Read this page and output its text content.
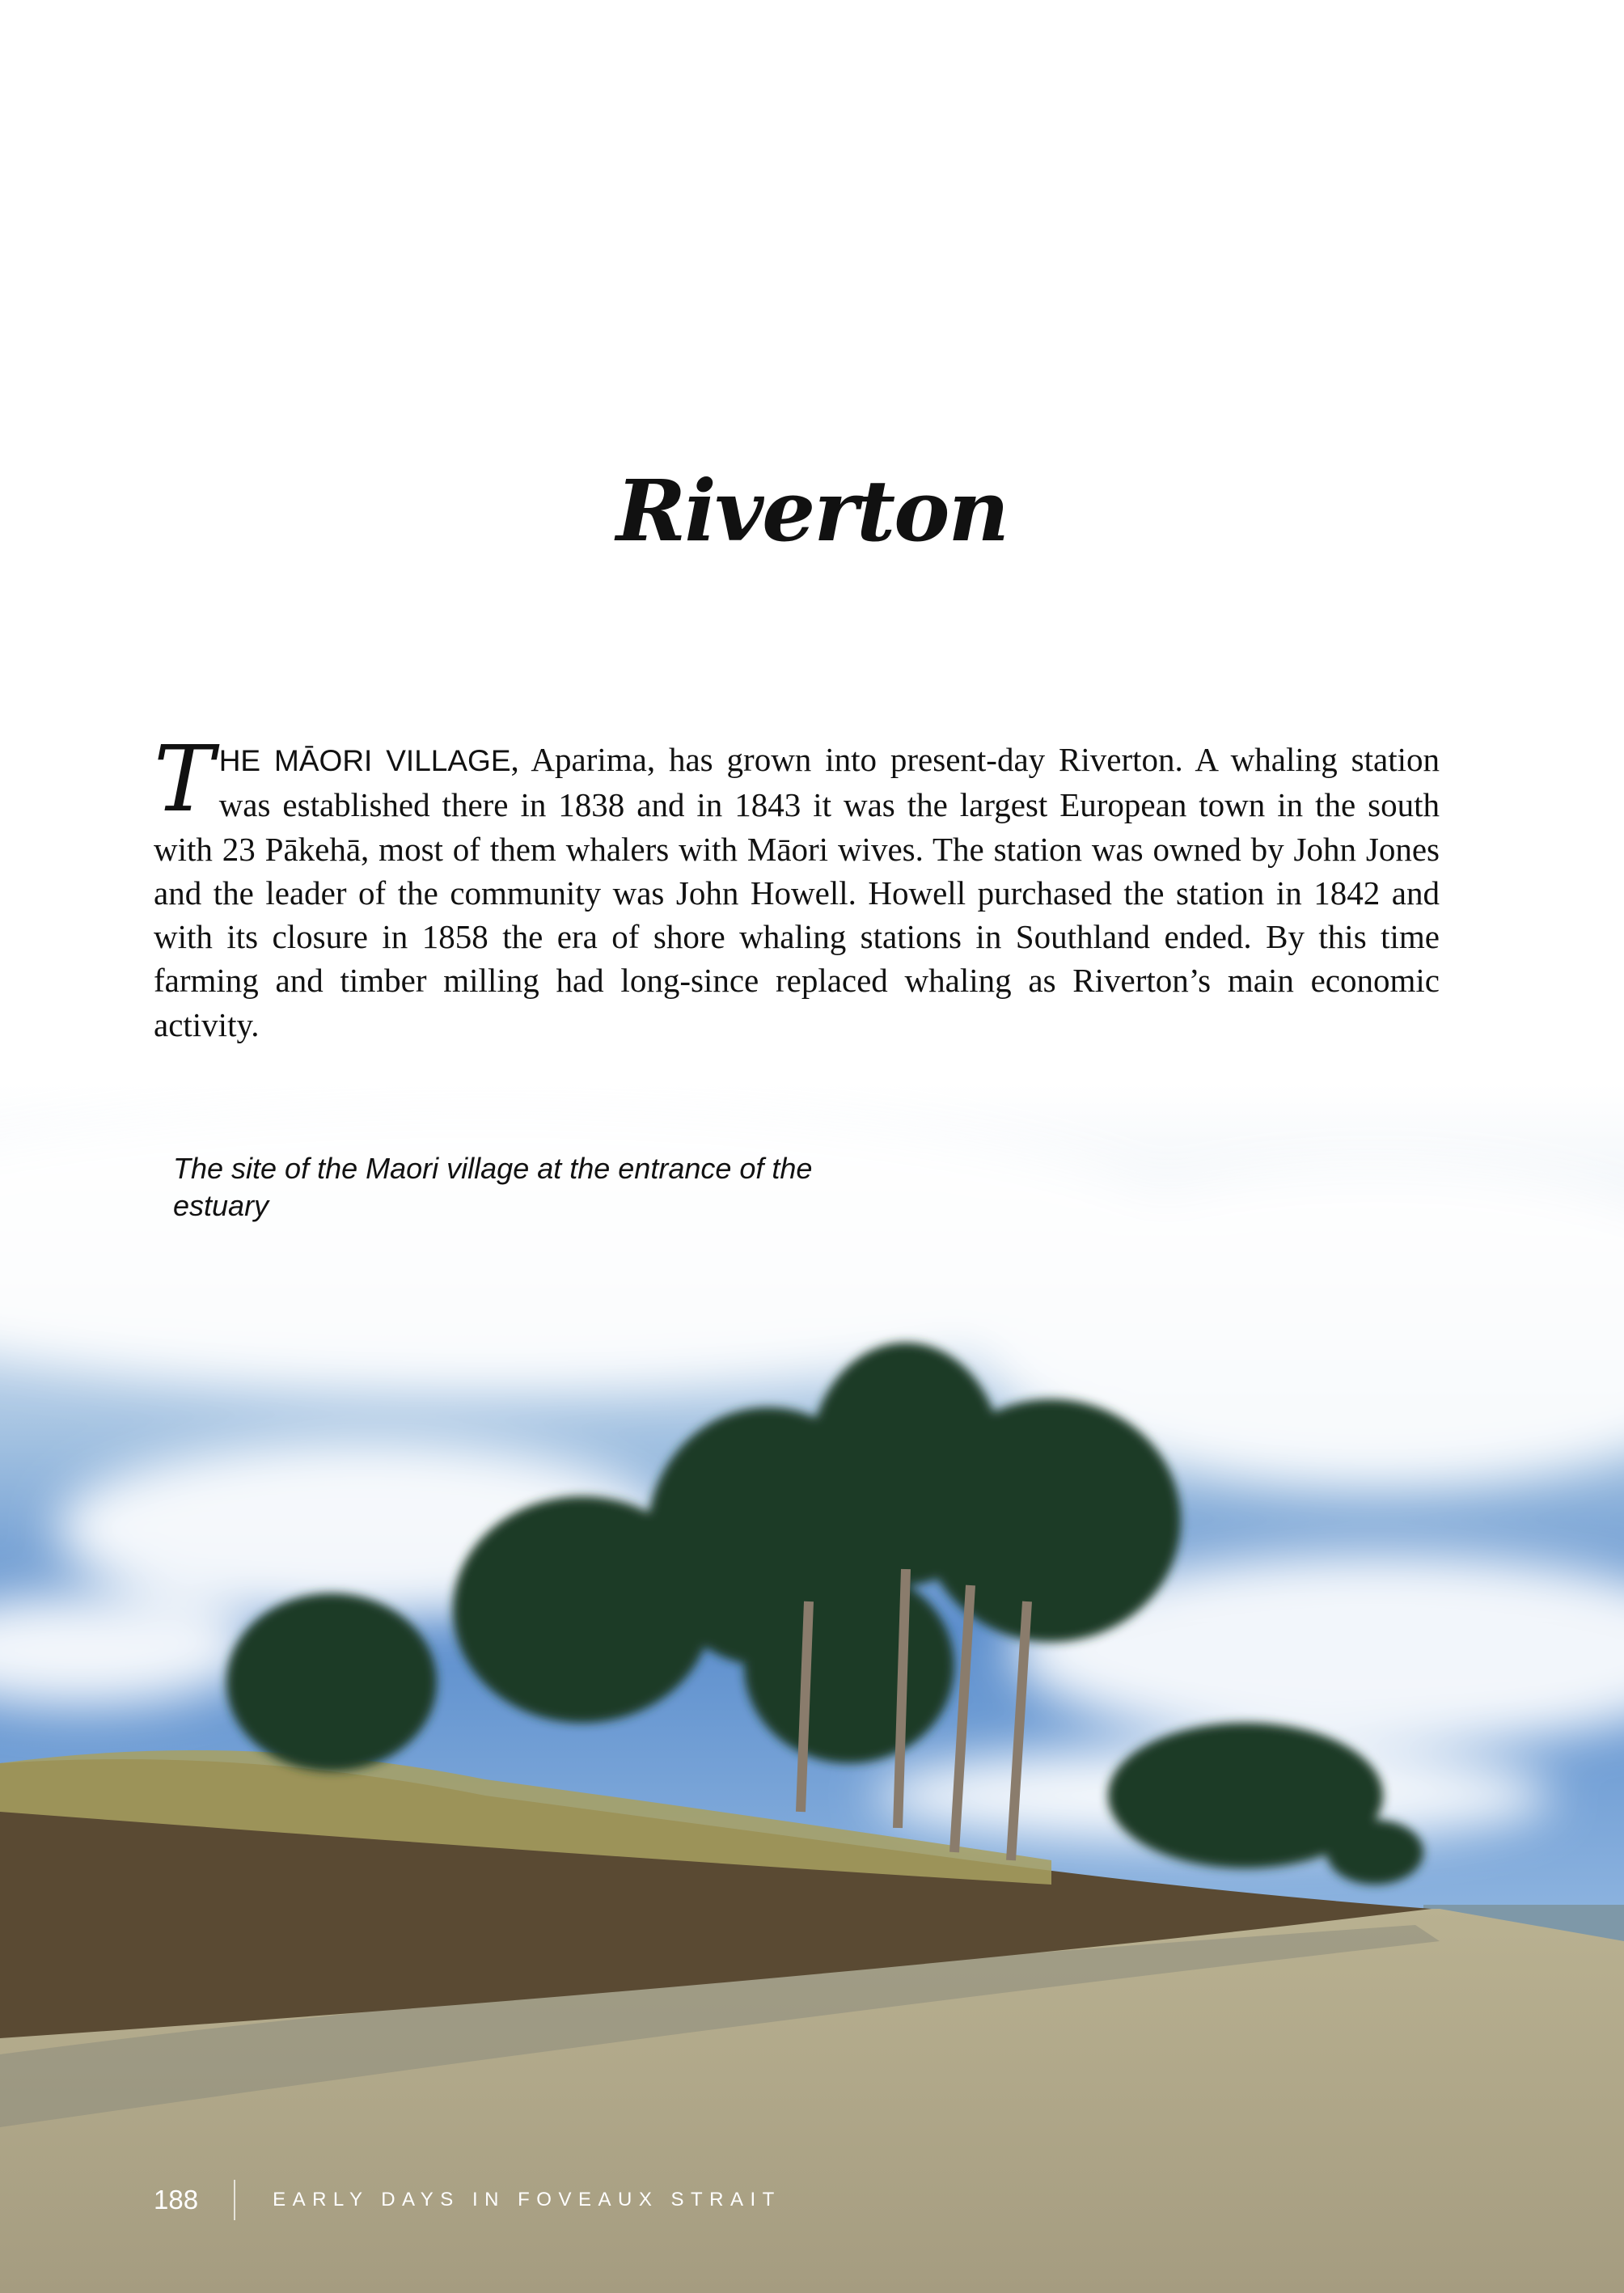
Riverton
THE MĀORI VILLAGE, Aparima, has grown into present-day Riverton. A whaling station was established there in 1838 and in 1843 it was the largest European town in the south with 23 Pākehā, most of them whalers with Māori wives. The station was owned by John Jones and the leader of the community was John Howell. Howell purchased the station in 1842 and with its closure in 1858 the era of shore whaling stations in Southland ended. By this time farming and timber milling had long-since replaced whaling as Riverton’s main economic activity.
The site of the Maori village at the entrance of the estuary
188	EARLY DAYS IN FOVEAUX STRAIT
